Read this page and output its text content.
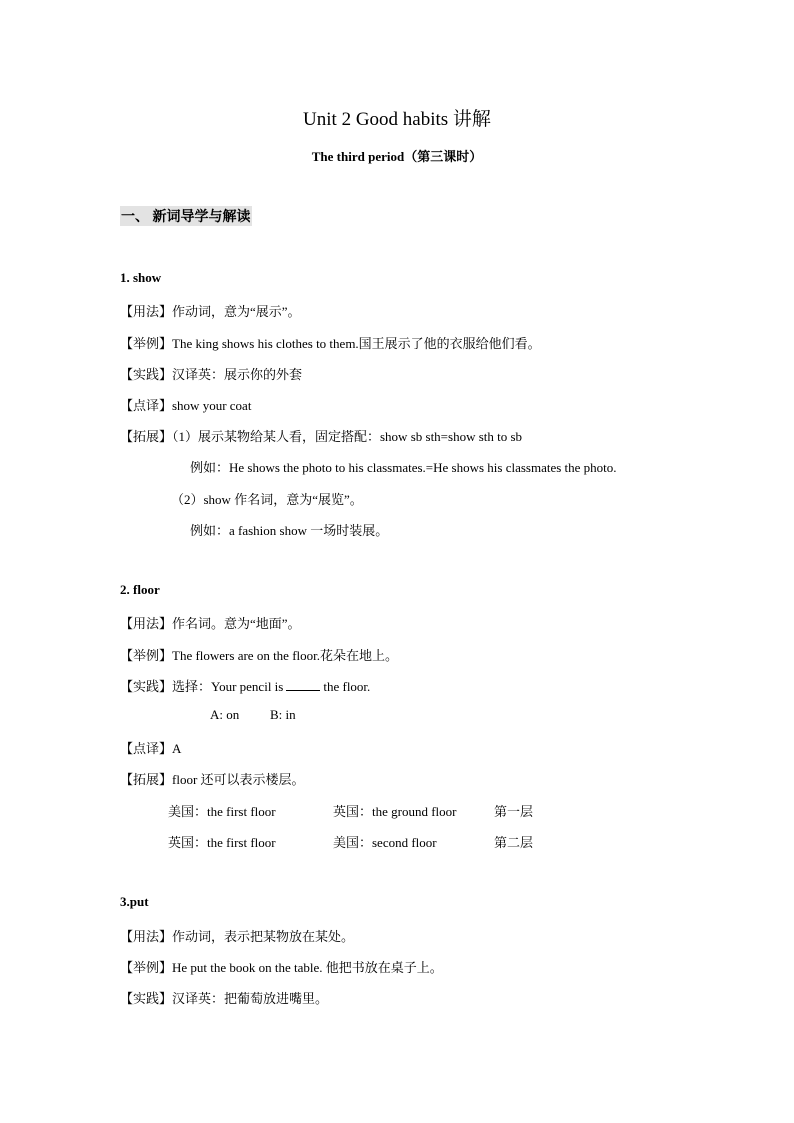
Unit 2 Good habits 讲解
The third period（第三课时）
一、 新词导学与解读
1. show
【用法】作动词，意为“展示”。
【举例】The king shows his clothes to them.国王展示了他的衣服给他们看。
【实践】汉译英：展示你的外套
【点译】show your coat
【拓展】（1）展示某物给某人看，固定搭配：show sb sth=show sth to sb
例如：He shows the photo to his classmates.=He shows his classmates the photo.
（2）show 作名词，意为“展览”。
例如：a fashion show 一场时装展。
2. floor
【用法】作名词。意为“地面”。
【举例】The flowers are on the floor.花朵在地上。
【实践】选择：Your pencil is	the floor.
A: on B: in
【点译】A
【拓展】floor 还可以表示楼层。
美国：the first floor	英国：the ground floor	第一层
英国：the first floor	美国：second floor	第二层
3.put
【用法】作动词，表示把某物放在某处。
【举例】He put the book on the table. 他把书放在桌子上。
【实践】汉译英：把葡萄放进嘴里。
